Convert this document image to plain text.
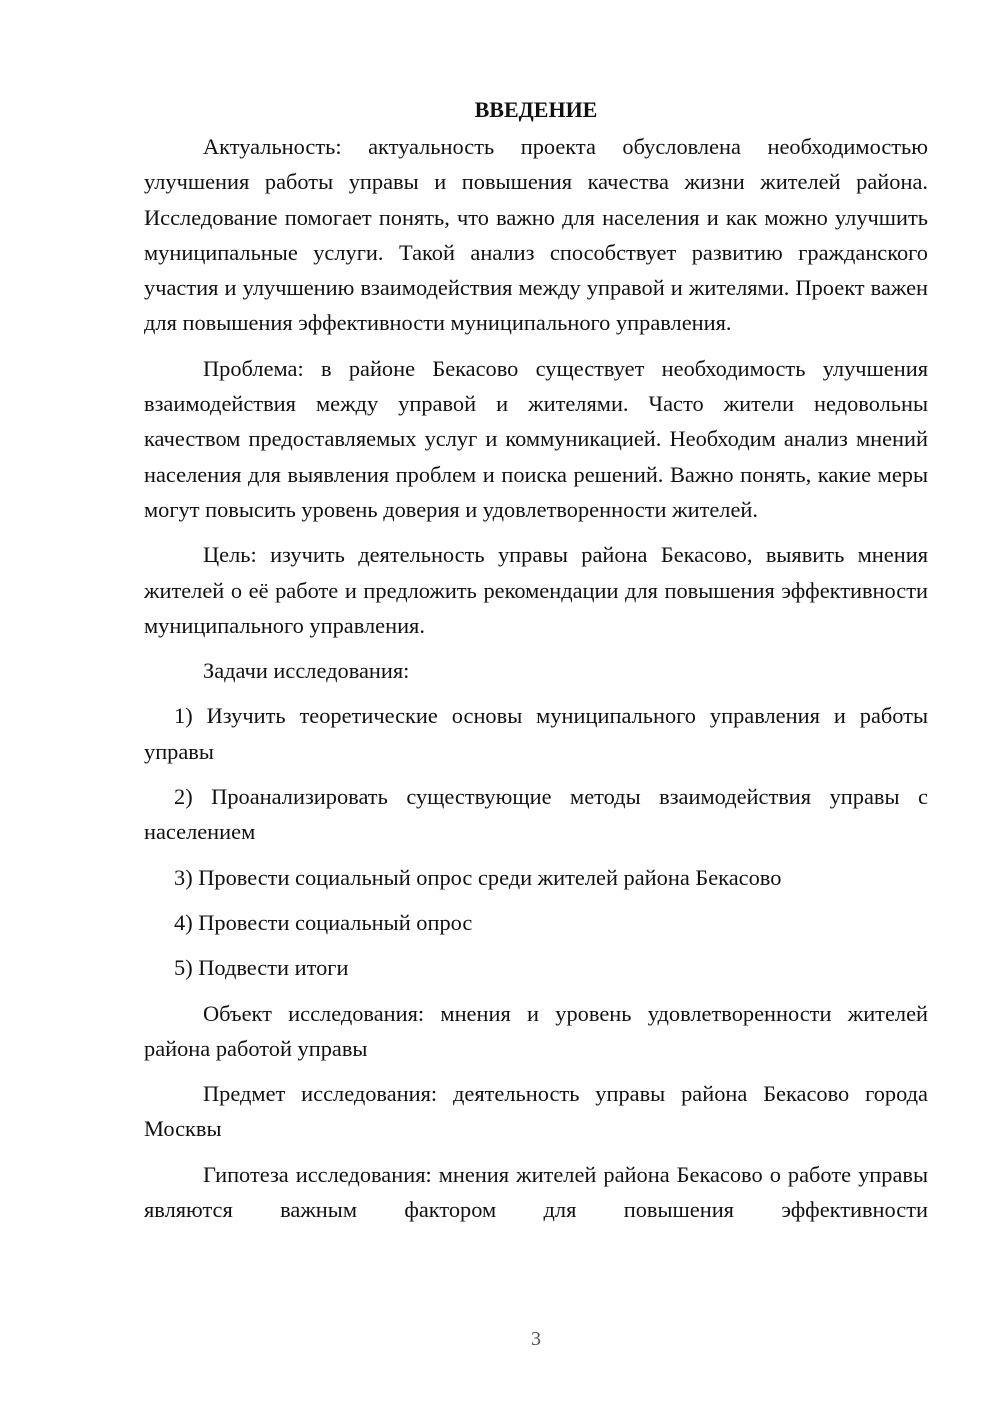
ВВЕДЕНИЕ

Актуальность: актуальность проекта обусловлена необходимостью улучшения работы управы и повышения качества жизни жителей района. Исследование помогает понять, что важно для населения и как можно улучшить муниципальные услуги. Такой анализ способствует развитию гражданского участия и улучшению взаимодействия между управой и жителями. Проект важен для повышения эффективности муниципального управления.

Проблема: в районе Бекасово существует необходимость улучшения взаимодействия между управой и жителями. Часто жители недовольны качеством предоставляемых услуг и коммуникацией. Необходим анализ мнений населения для выявления проблем и поиска решений. Важно понять, какие меры могут повысить уровень доверия и удовлетворенности жителей.

Цель: изучить деятельность управы района Бекасово, выявить мнения жителей о её работе и предложить рекомендации для повышения эффективности муниципального управления.

Задачи исследования:

1) Изучить теоретические основы муниципального управления и работы управы

2) Проанализировать существующие методы взаимодействия управы с населением

3) Провести социальный опрос среди жителей района Бекасово

4) Провести социальный опрос

5) Подвести итоги

Объект исследования: мнения и уровень удовлетворенности жителей района работой управы

Предмет исследования: деятельность управы района Бекасово города Москвы

Гипотеза исследования: мнения жителей района Бекасово о работе управы являются важным фактором для повышения эффективности

3
